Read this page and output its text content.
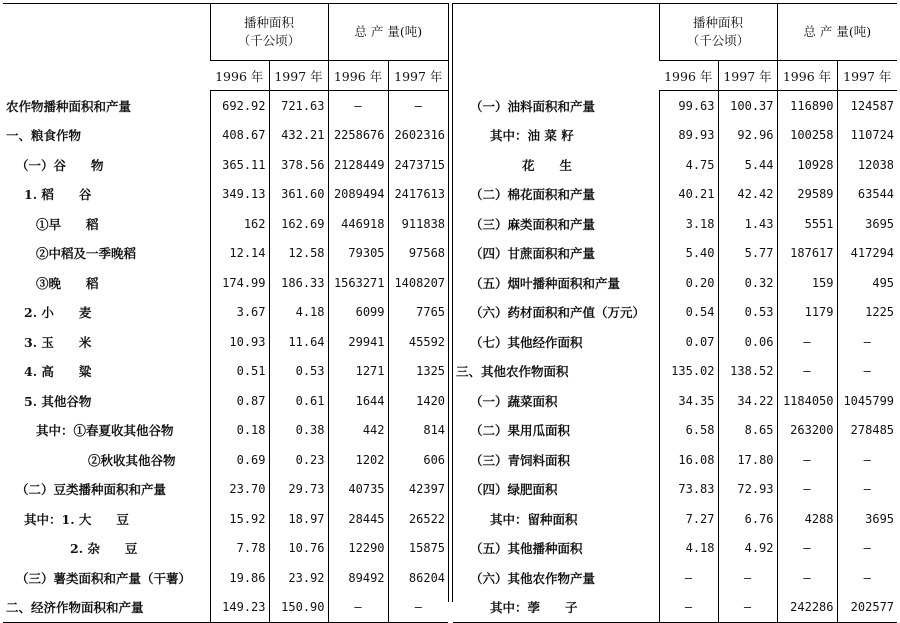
	播种面积
（千公顷）		总 产 量(吨)	
	1996 年	1997 年	1996 年	1997 年
农作物播种面积和产量	692.92	721.63	—	—
一、粮食作物	408.67	432.21	2258676	2602316
（一）谷　　物	365.11	378.56	2128449	2473715
1. 稻　　谷	349.13	361.60	2089494	2417613
①早　　稻	162	162.69	446918	911838
②中稻及一季晚稻	12.14	12.58	79305	97568
③晚　　稻	174.99	186.33	1563271	1408207
2. 小　　麦	3.67	4.18	6099	7765
3. 玉　　米	10.93	11.64	29941	45592
4. 高　　粱	0.51	0.53	1271	1325
5. 其他谷物	0.87	0.61	1644	1420
其中：①春夏收其他谷物	0.18	0.38	442	814
②秋收其他谷物	0.69	0.23	1202	606
（二）豆类播种面积和产量	23.70	29.73	40735	42397
其中：1. 大　　豆	15.92	18.97	28445	26522
2. 杂　　豆	7.78	10.76	12290	15875
（三）薯类面积和产量（干薯）	19.86	23.92	89492	86204
二、经济作物面积和产量	149.23	150.90	—	—
	播种面积
（千公顷）		总 产 量(吨)	
	1996 年	1997 年	1996 年	1997 年
（一）油料面积和产量	99.63	100.37	116890	124587
其中：油 菜 籽	89.93	92.96	100258	110724
花　　生	4.75	5.44	10928	12038
（二）棉花面积和产量	40.21	42.42	29589	63544
（三）麻类面积和产量	3.18	1.43	5551	3695
（四）甘蔗面积和产量	5.40	5.77	187617	417294
（五）烟叶播种面积和产量	0.20	0.32	159	495
（六）药材面积和产值（万元）	0.54	0.53	1179	1225
（七）其他经作面积	0.07	0.06	—	—
三、其他农作物面积	135.02	138.52	—	—
（一）蔬菜面积	34.35	34.22	1184050	1045799
（二）果用瓜面积	6.58	8.65	263200	278485
（三）青饲料面积	16.08	17.80	—	—
（四）绿肥面积	73.83	72.93	—	—
其中：留种面积	7.27	6.76	4288	3695
（五）其他播种面积	4.18	4.92	—	—
（六）其他农作物产量	—	—	—	—
其中：荸　　子	—	—	242286	202577
